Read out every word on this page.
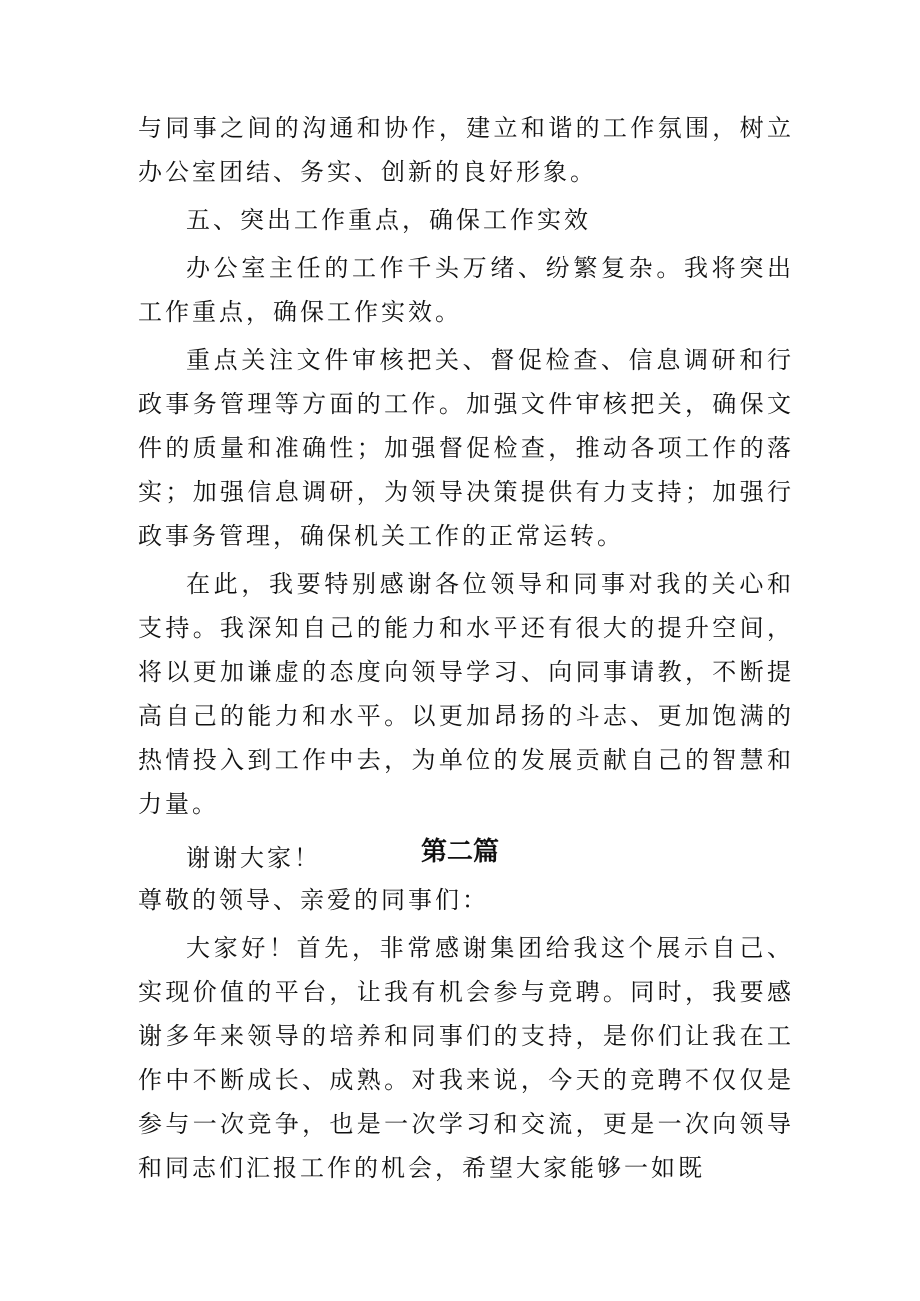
与同事之间的沟通和协作，建立和谐的工作氛围，树立办公室团结、务实、创新的良好形象。

五、突出工作重点，确保工作实效

办公室主任的工作千头万绪、纷繁复杂。我将突出工作重点，确保工作实效。

重点关注文件审核把关、督促检查、信息调研和行政事务管理等方面的工作。加强文件审核把关，确保文件的质量和准确性；加强督促检查，推动各项工作的落实；加强信息调研，为领导决策提供有力支持；加强行政事务管理，确保机关工作的正常运转。

在此，我要特别感谢各位领导和同事对我的关心和支持。我深知自己的能力和水平还有很大的提升空间，将以更加谦虚的态度向领导学习、向同事请教，不断提高自己的能力和水平。以更加昂扬的斗志、更加饱满的热情投入到工作中去，为单位的发展贡献自己的智慧和力量。

谢谢大家！	第二篇

尊敬的领导、亲爱的同事们：

大家好！首先，非常感谢集团给我这个展示自己、实现价值的平台，让我有机会参与竞聘。同时，我要感谢多年来领导的培养和同事们的支持，是你们让我在工作中不断成长、成熟。对我来说，今天的竞聘不仅仅是参与一次竞争，也是一次学习和交流，更是一次向领导和同志们汇报工作的机会，希望大家能够一如既
